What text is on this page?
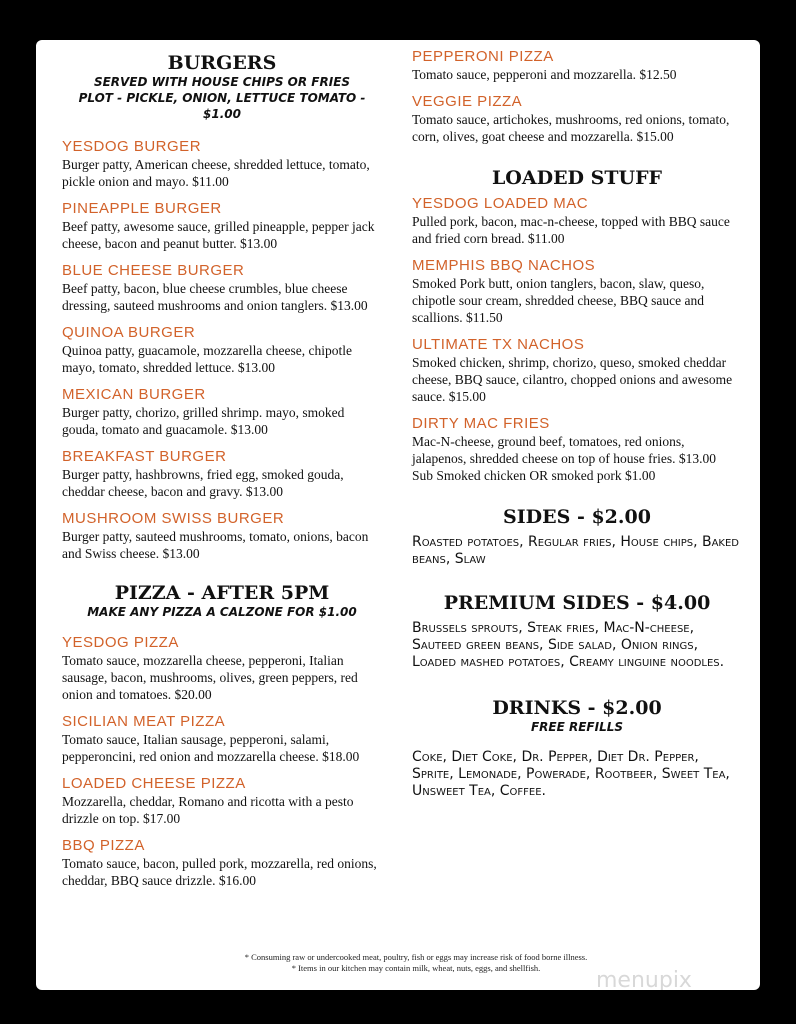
BURGERS
SERVED WITH HOUSE CHIPS OR FRIES
PLOT - PICKLE, ONION, LETTUCE TOMATO - $1.00
YESDOG BURGER
Burger patty, American cheese, shredded lettuce, tomato, pickle onion and mayo. $11.00
PINEAPPLE BURGER
Beef patty, awesome sauce, grilled pineapple, pepper jack cheese, bacon and peanut butter. $13.00
BLUE CHEESE BURGER
Beef patty, bacon, blue cheese crumbles, blue cheese dressing, sauteed mushrooms and onion tanglers. $13.00
QUINOA BURGER
Quinoa patty, guacamole, mozzarella cheese, chipotle mayo, tomato, shredded lettuce. $13.00
MEXICAN BURGER
Burger patty, chorizo, grilled shrimp. mayo, smoked gouda, tomato and guacamole. $13.00
BREAKFAST BURGER
Burger patty, hashbrowns, fried egg, smoked gouda, cheddar cheese, bacon and gravy. $13.00
MUSHROOM SWISS BURGER
Burger patty, sauteed mushrooms, tomato, onions, bacon and Swiss cheese. $13.00
PIZZA - AFTER 5PM
MAKE ANY PIZZA A CALZONE FOR $1.00
YESDOG PIZZA
Tomato sauce, mozzarella cheese, pepperoni, Italian sausage, bacon, mushrooms, olives, green peppers, red onion and tomatoes. $20.00
SICILIAN MEAT PIZZA
Tomato sauce, Italian sausage, pepperoni, salami, pepperoncini, red onion and mozzarella cheese. $18.00
LOADED CHEESE PIZZA
Mozzarella, cheddar, Romano and ricotta with a pesto drizzle on top. $17.00
BBQ PIZZA
Tomato sauce, bacon, pulled pork, mozzarella, red onions, cheddar, BBQ sauce drizzle. $16.00
PEPPERONI PIZZA
Tomato sauce, pepperoni and mozzarella. $12.50
VEGGIE PIZZA
Tomato sauce, artichokes, mushrooms, red onions, tomato, corn, olives, goat cheese and mozzarella. $15.00
LOADED STUFF
YESDOG LOADED MAC
Pulled pork, bacon, mac-n-cheese, topped with BBQ sauce and fried corn bread. $11.00
MEMPHIS BBQ NACHOS
Smoked Pork butt, onion tanglers, bacon, slaw, queso, chipotle sour cream, shredded cheese, BBQ sauce and scallions. $11.50
ULTIMATE TX NACHOS
Smoked chicken, shrimp, chorizo, queso, smoked cheddar cheese, BBQ sauce, cilantro, chopped onions and awesome sauce. $15.00
DIRTY MAC FRIES
Mac-N-cheese, ground beef, tomatoes, red onions, jalapenos, shredded cheese on top of house fries. $13.00
Sub Smoked chicken OR smoked pork $1.00
SIDES - $2.00
Roasted potatoes, Regular fries, House chips, Baked beans, Slaw
PREMIUM SIDES - $4.00
Brussels sprouts, Steak fries, Mac-N-cheese, Sauteed green beans, Side salad, Onion rings, Loaded mashed potatoes, Creamy linguine noodles.
DRINKS - $2.00
FREE REFILLS
Coke, Diet Coke, Dr. Pepper, Diet Dr. Pepper, Sprite, Lemonade, Powerade, Rootbeer, Sweet Tea, Unsweet Tea, Coffee.
* Consuming raw or undercooked meat, poultry, fish or eggs may increase risk of food borne illness.
* Items in our kitchen may contain milk, wheat, nuts, eggs, and shellfish.	menupix
